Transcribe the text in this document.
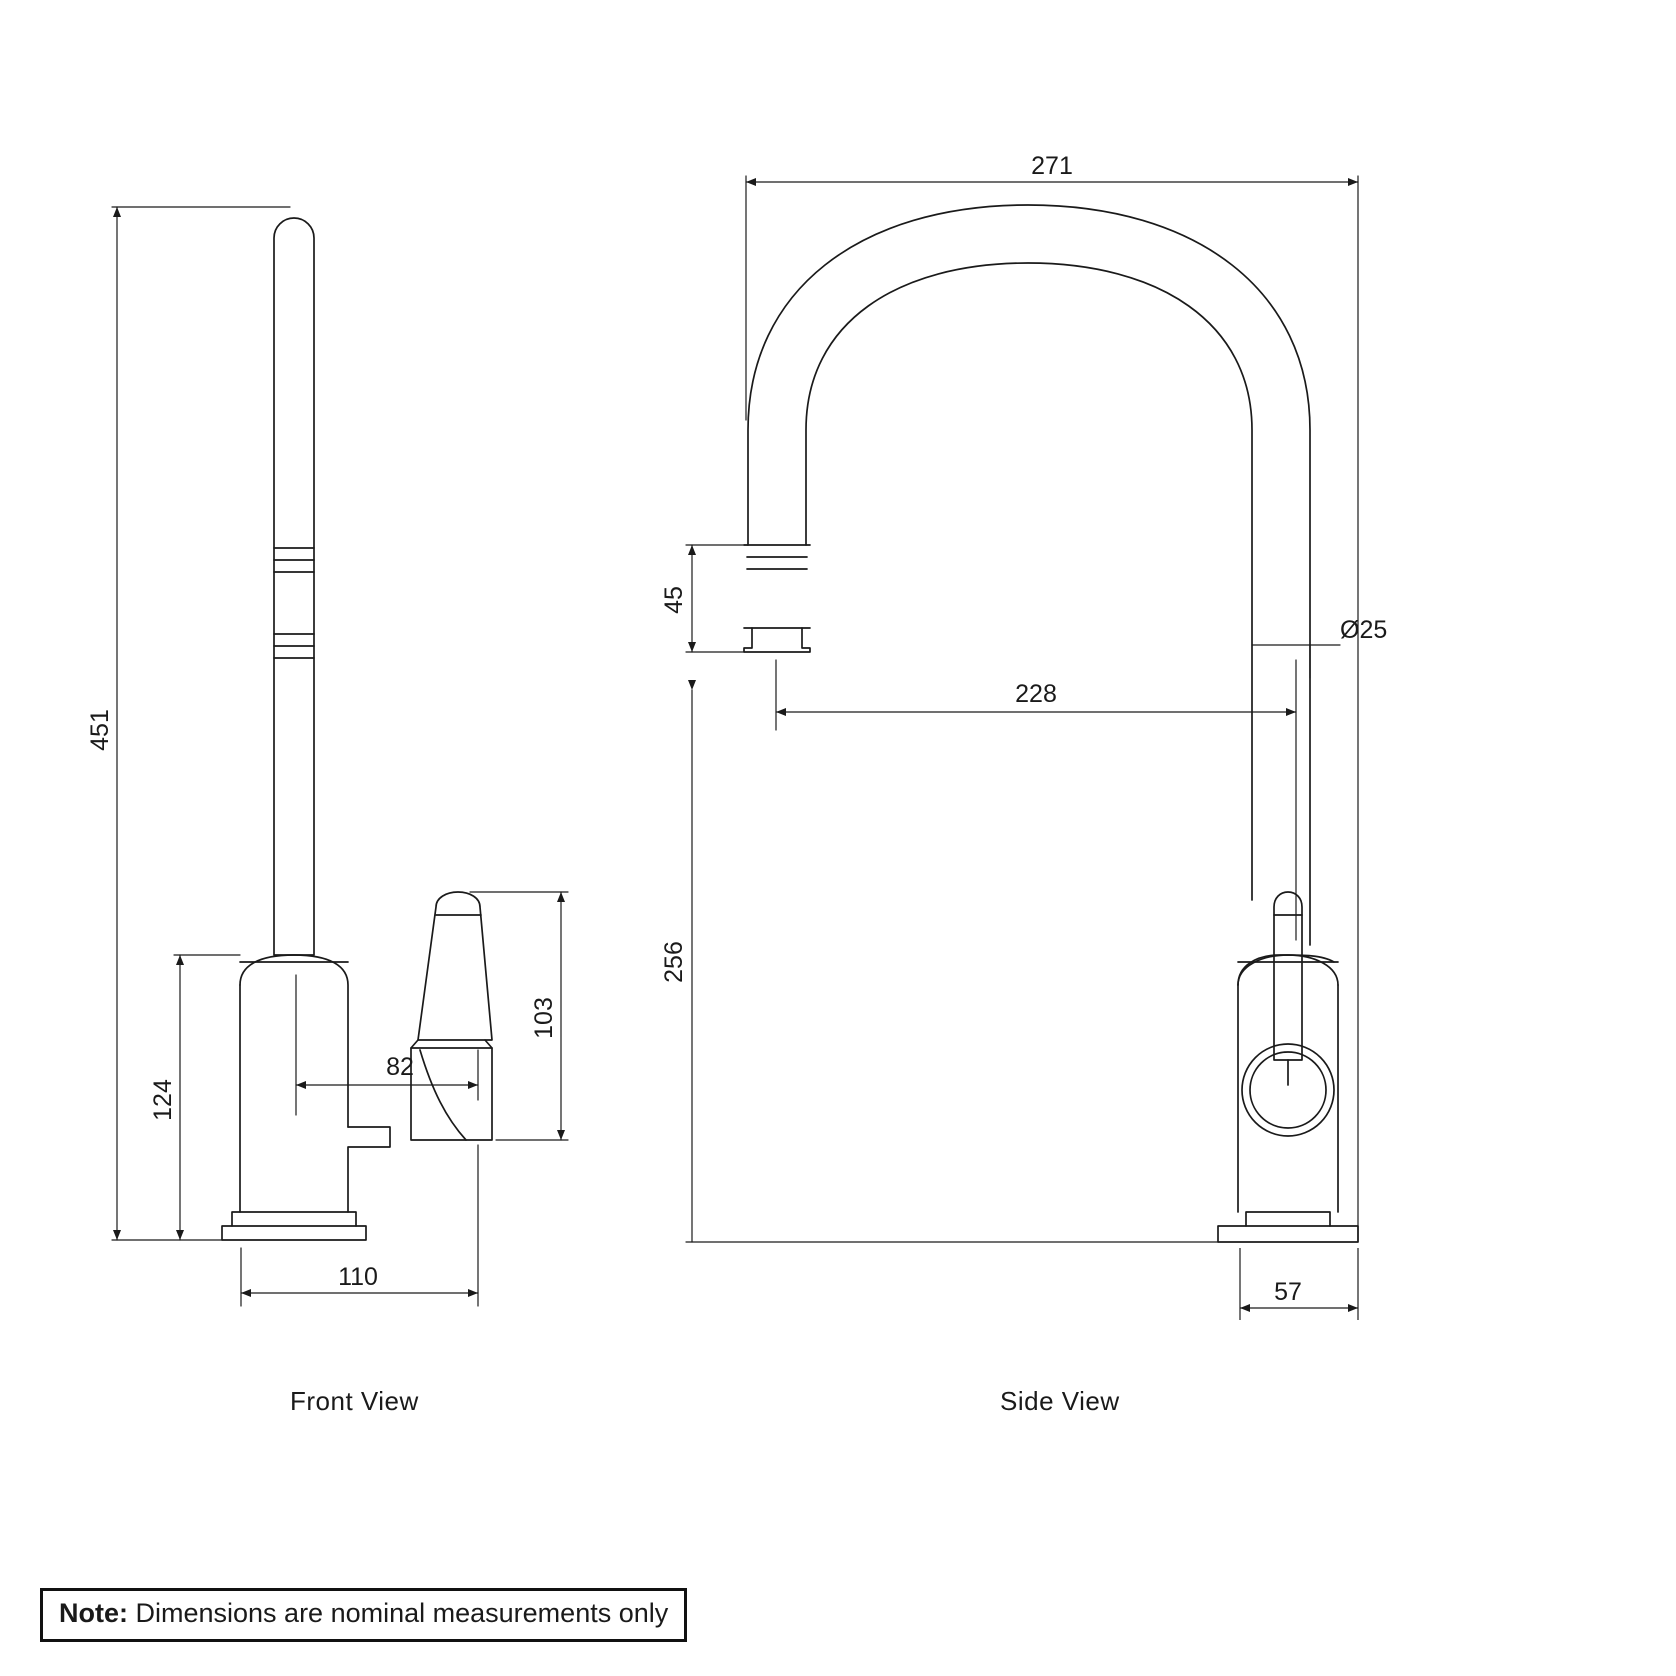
451
124
103
82
110
271
45
256
228
Ø25
57
Front View	Side View
Note: Dimensions are nominal measurements only
